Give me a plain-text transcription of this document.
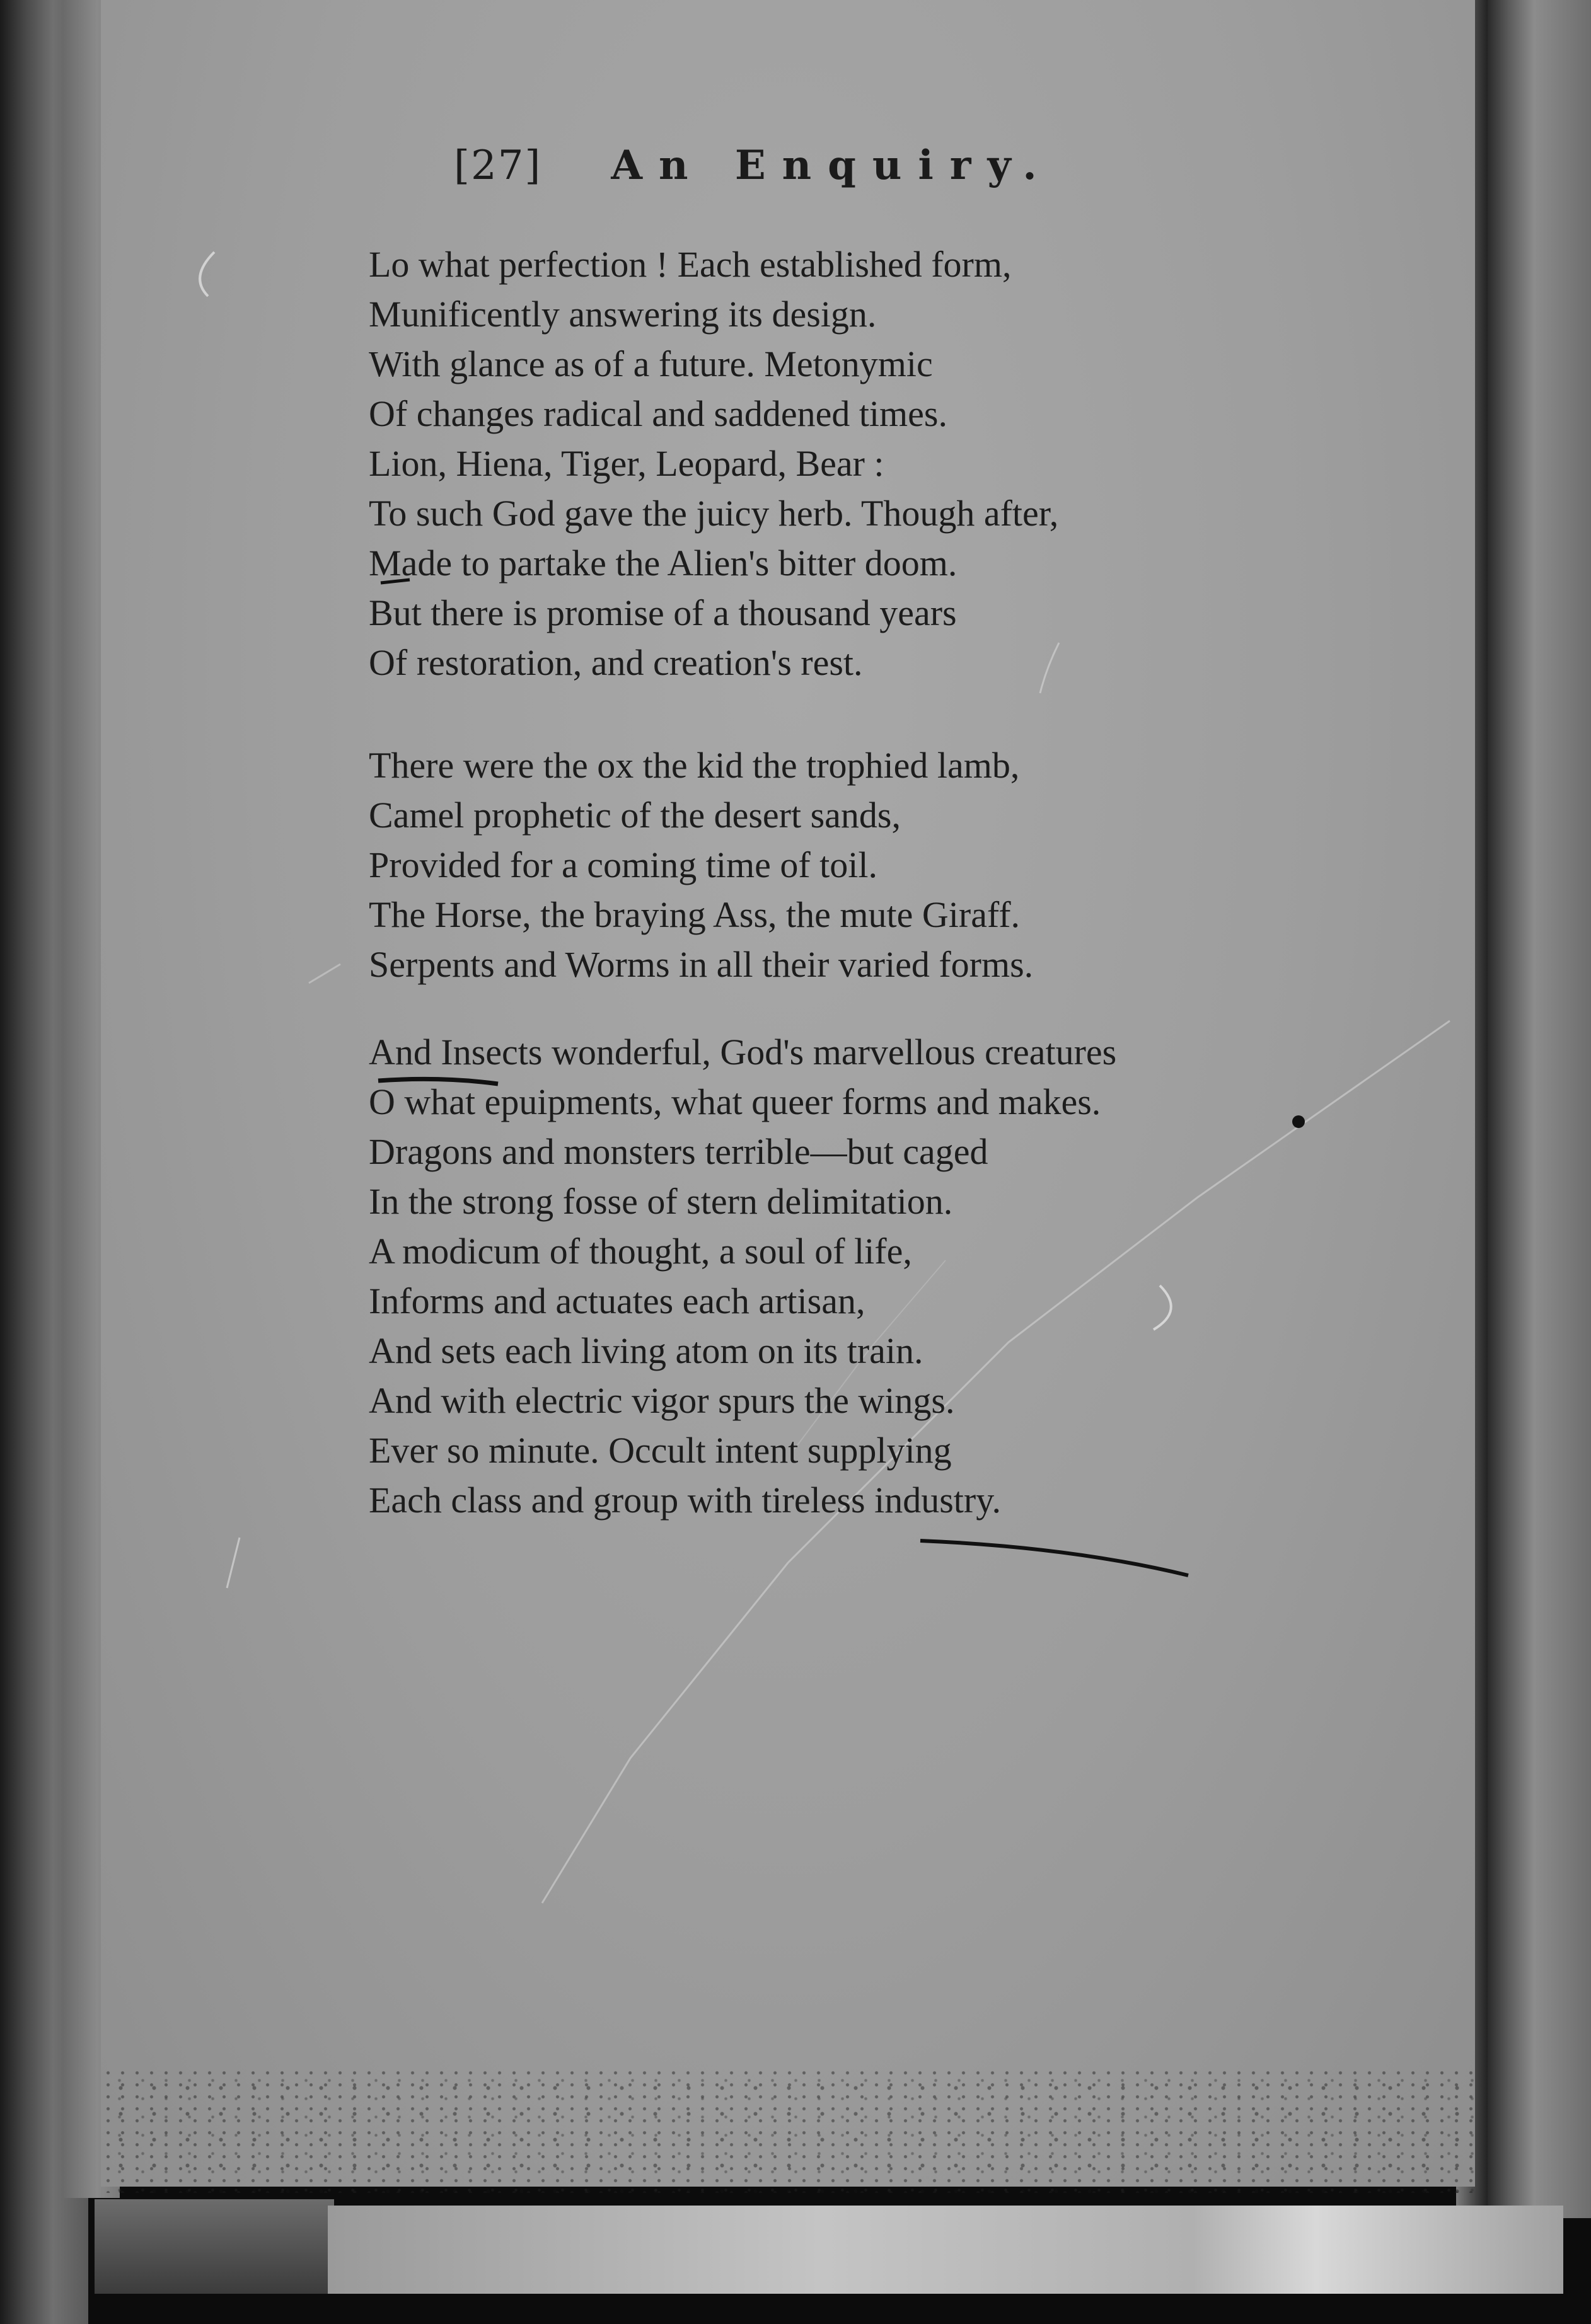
[27] An Enquiry.
Lo what perfection ! Each established form,
Munificently answering its design.
With glance as of a future. Metonymic
Of changes radical and saddened times.
Lion, Hiena, Tiger, Leopard, Bear :
To such God gave the juicy herb. Though after,
Made to partake the Alien's bitter doom.
But there is promise of a thousand years
Of restoration, and creation's rest.
There were the ox the kid the trophied lamb,
Camel prophetic of the desert sands,
Provided for a coming time of toil.
The Horse, the braying Ass, the mute Giraff.
Serpents and Worms in all their varied forms.
And Insects wonderful, God's marvellous creatures
O what epuipments, what queer forms and makes.
Dragons and monsters terrible—but caged
In the strong fosse of stern delimitation.
A modicum of thought, a soul of life,
Informs and actuates each artisan,
And sets each living atom on its train.
And with electric vigor spurs the wings.
Ever so minute. Occult intent supplying
Each class and group with tireless industry.
